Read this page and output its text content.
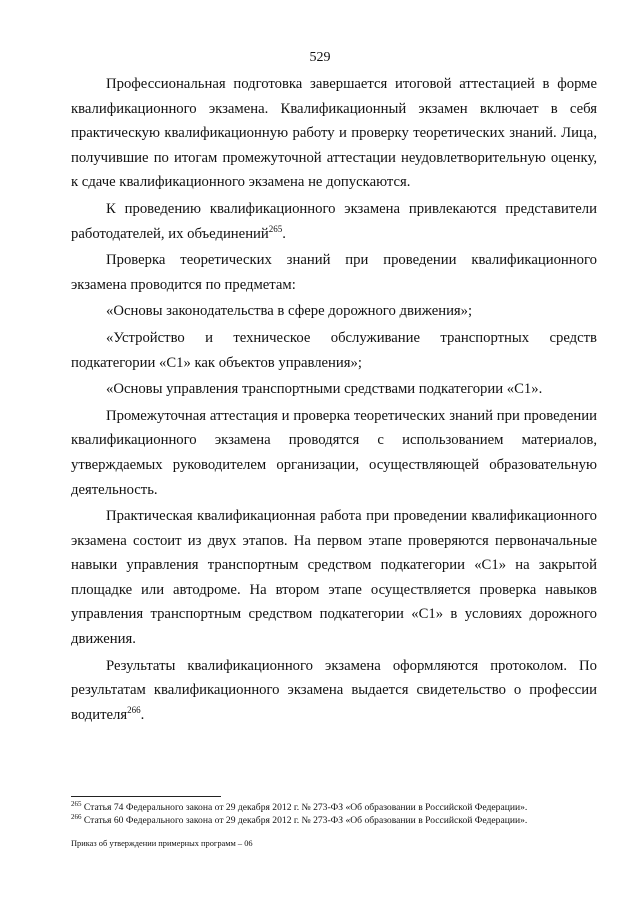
529

Профессиональная подготовка завершается итоговой аттестацией в форме квалификационного экзамена. Квалификационный экзамен включает в себя практическую квалификационную работу и проверку теоретических знаний. Лица, получившие по итогам промежуточной аттестации неудовлетворительную оценку, к сдаче квалификационного экзамена не допускаются.

К проведению квалификационного экзамена привлекаются представители работодателей, их объединений$^{265}$.

Проверка теоретических знаний при проведении квалификационного экзамена проводится по предметам:

«Основы законодательства в сфере дорожного движения»;

«Устройство и техническое обслуживание транспортных средств подкатегории «С1» как объектов управления»;

«Основы управления транспортными средствами подкатегории «С1».

Промежуточная аттестация и проверка теоретических знаний при проведении квалификационного экзамена проводятся с использованием материалов, утверждаемых руководителем организации, осуществляющей образовательную деятельность.

Практическая квалификационная работа при проведении квалификационного экзамена состоит из двух этапов. На первом этапе проверяются первоначальные навыки управления транспортным средством подкатегории «С1» на закрытой площадке или автодроме. На втором этапе осуществляется проверка навыков управления транспортным средством подкатегории «С1» в условиях дорожного движения.

Результаты квалификационного экзамена оформляются протоколом. По результатам квалификационного экзамена выдается свидетельство о профессии водителя$^{266}$.

$^{265}$ Статья 74 Федерального закона от 29 декабря 2012 г. № 273-ФЗ «Об образовании в Российской Федерации».

$^{266}$ Статья 60 Федерального закона от 29 декабря 2012 г. № 273-ФЗ «Об образовании в Российской Федерации».

Приказ об утверждении примерных программ – 06
